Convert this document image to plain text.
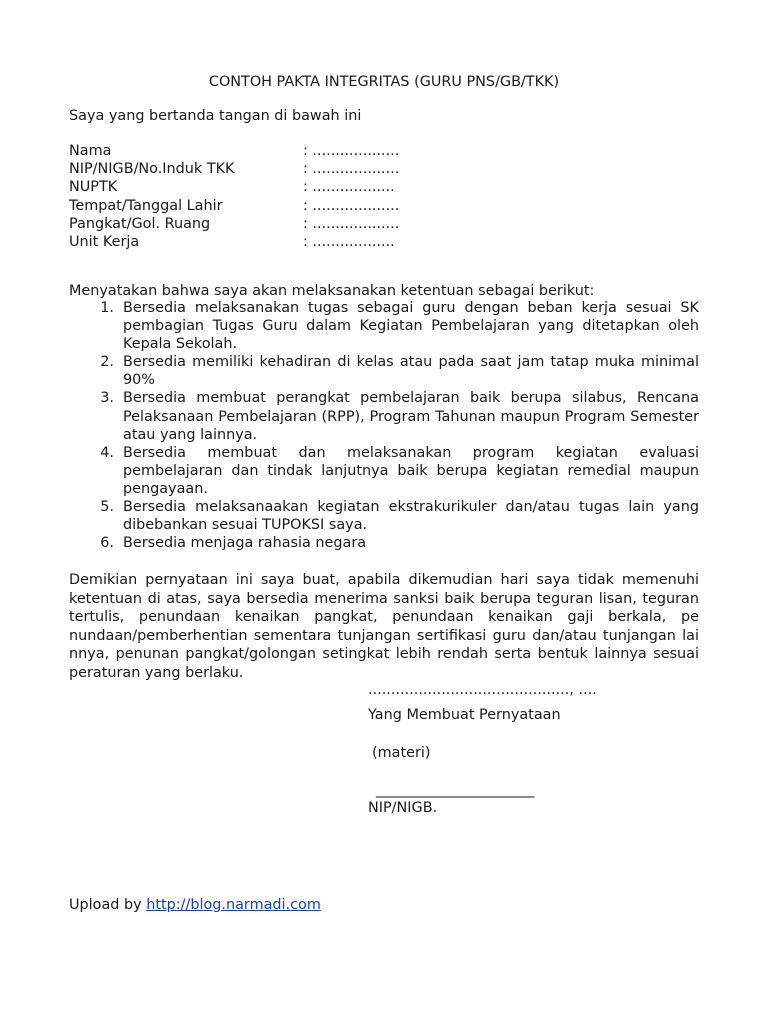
CONTOH PAKTA INTEGRITAS (GURU PNS/GB/TKK)
Saya yang bertanda tangan di bawah ini
Nama	: ...................
NIP/NIGB/No.Induk TKK	: ...................
NUPTK	: ..................
Tempat/Tanggal Lahir	: ...................
Pangkat/Gol. Ruang	: ...................
Unit Kerja	: ..................
Menyatakan bahwa saya akan melaksanakan ketentuan sebagai berikut:
1. Bersedia melaksanakan tugas sebagai guru dengan beban kerja sesuai SK pembagian Tugas Guru dalam Kegiatan Pembelajaran yang ditetapkan oleh Kepala Sekolah.
2. Bersedia memiliki kehadiran di kelas atau pada saat jam tatap muka minimal 90%
3. Bersedia membuat perangkat pembelajaran baik berupa silabus, Rencana Pelaksanaan Pembelajaran (RPP), Program Tahunan maupun Program Semester atau yang lainnya.
4. Bersedia membuat dan melaksanakan program kegiatan evaluasi pembelajaran dan tindak lanjutnya baik berupa kegiatan remedial maupun pengayaan.
5. Bersedia melaksanaakan kegiatan ekstrakurikuler dan/atau tugas lain yang dibebankan sesuai TUPOKSI saya.
6. Bersedia menjaga rahasia negara
Demikian pernyataan ini saya buat, apabila dikemudian hari saya tidak memenuhi ketentuan di atas, saya bersedia menerima sanksi baik berupa teguran lisan, teguran tertulis, penundaan kenaikan pangkat, penundaan kenaikan gaji berkala, pe nundaan/pemberhentian sementara tunjangan sertifikasi guru dan/atau tunjangan lai nnya, penunan pangkat/golongan setingkat lebih rendah serta bentuk lainnya sesuai peraturan yang berlaku.
............................................, ....
Yang Membuat Pernyataan
(materi)
______________________
NIP/NIGB.
Upload by http://blog.narmadi.com
